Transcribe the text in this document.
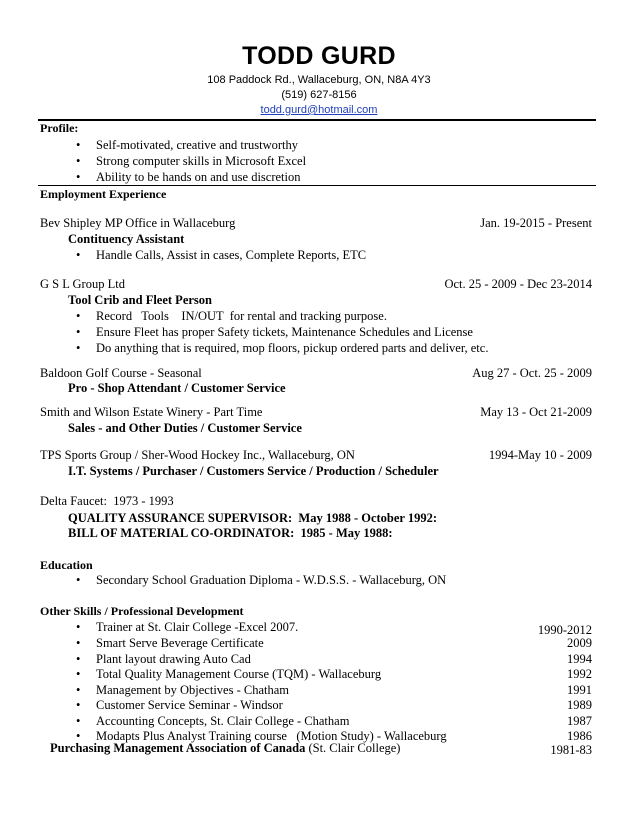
TODD GURD
108 Paddock Rd., Wallaceburg, ON, N8A 4Y3
(519) 627-8156
todd.gurd@hotmail.com
Profile:
• Self-motivated, creative and trustworthy
• Strong computer skills in Microsoft Excel
• Ability to be hands on and use discretion
Employment Experience
Bev Shipley MP Office in Wallaceburg	Jan. 19-2015 - Present
Contituency Assistant
• Handle Calls, Assist in cases, Complete Reports, ETC
G S L Group Ltd	Oct. 25 - 2009 - Dec 23-2014
Tool Crib and Fleet Person
• Record   Tools    IN/OUT  for rental and tracking purpose.
• Ensure Fleet has proper Safety tickets, Maintenance Schedules and License
• Do anything that is required, mop floors, pickup ordered parts and deliver, etc.
Baldoon Golf Course - Seasonal	Aug 27 - Oct. 25 - 2009
Pro - Shop Attendant / Customer Service
Smith and Wilson Estate Winery - Part Time	May 13 - Oct 21-2009
Sales - and Other Duties / Customer Service
TPS Sports Group / Sher-Wood Hockey Inc., Wallaceburg, ON	1994-May 10 - 2009
I.T. Systems / Purchaser / Customers Service / Production / Scheduler
Delta Faucet:  1973 - 1993
QUALITY ASSURANCE SUPERVISOR:  May 1988 - October 1992:
BILL OF MATERIAL CO-ORDINATOR:  1985 - May 1988:
Education
• Secondary School Graduation Diploma - W.D.S.S. - Wallaceburg, ON
Other Skills / Professional Development
• Trainer at St. Clair College -Excel 2007.	1990-2012
• Smart Serve Beverage Certificate	2009
• Plant layout drawing Auto Cad	1994
• Total Quality Management Course (TQM) - Wallaceburg	1992
• Management by Objectives - Chatham	1991
• Customer Service Seminar - Windsor	1989
• Accounting Concepts, St. Clair College - Chatham	1987
• Modapts Plus Analyst Training course   (Motion Study) - Wallaceburg	1986
Purchasing Management Association of Canada (St. Clair College)	1981-83
